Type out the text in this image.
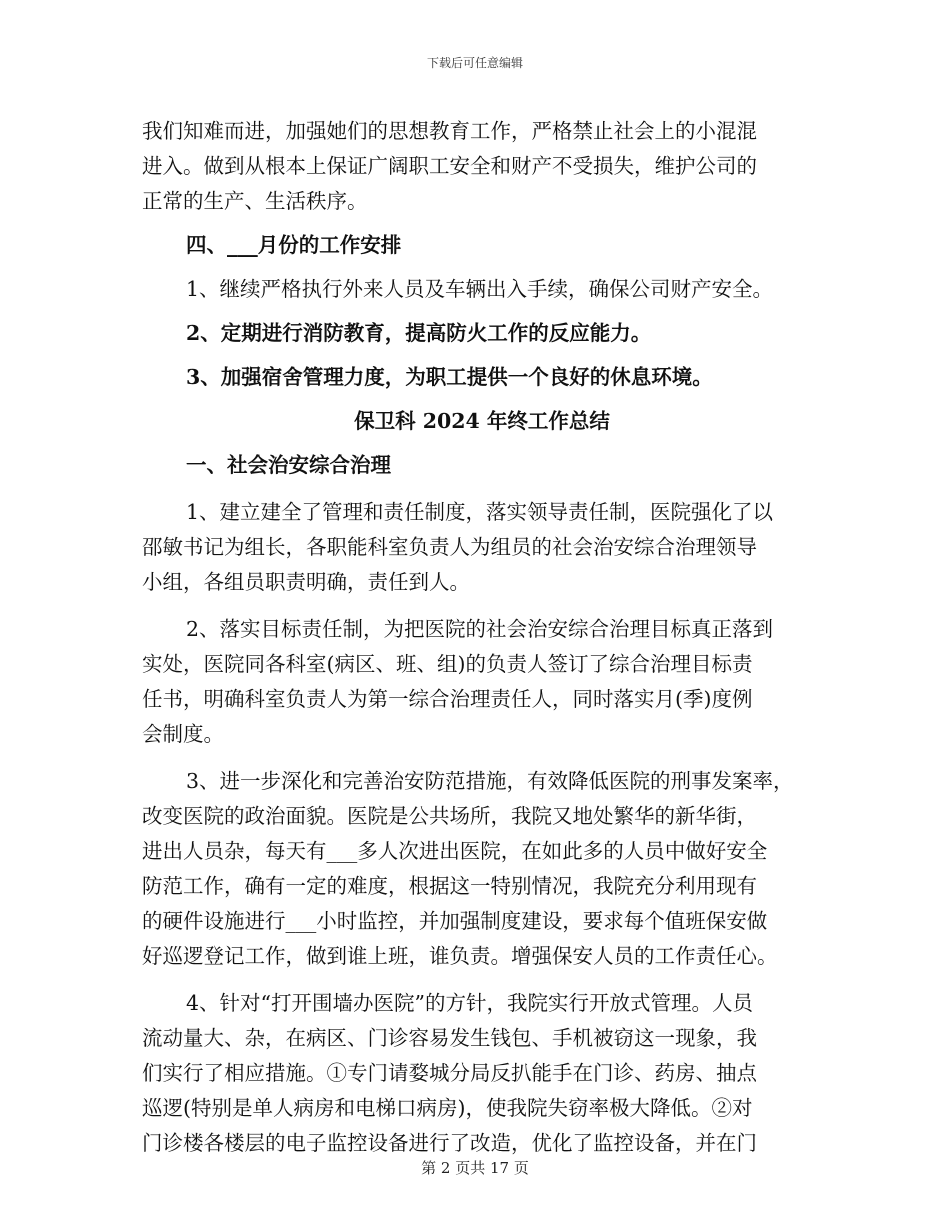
下载后可任意编辑
我们知难而进，加强她们的思想教育工作，严格禁止社会上的小混混
进入。做到从根本上保证广阔职工安全和财产不受损失，维护公司的
正常的生产、生活秩序。
四、___月份的工作安排
1、继续严格执行外来人员及车辆出入手续，确保公司财产安全。
2、定期进行消防教育，提高防火工作的反应能力。
3、加强宿舍管理力度，为职工提供一个良好的休息环境。
保卫科 2024 年终工作总结
一、社会治安综合治理
1、建立建全了管理和责任制度，落实领导责任制，医院强化了以
邵敏书记为组长，各职能科室负责人为组员的社会治安综合治理领导
小组，各组员职责明确，责任到人。
2、落实目标责任制，为把医院的社会治安综合治理目标真正落到
实处，医院同各科室(病区、班、组)的负责人签订了综合治理目标责
任书，明确科室负责人为第一综合治理责任人，同时落实月(季)度例
会制度。
3、进一步深化和完善治安防范措施，有效降低医院的刑事发案率，
改变医院的政治面貌。医院是公共场所，我院又地处繁华的新华街，
进出人员杂，每天有___多人次进出医院，在如此多的人员中做好安全
防范工作，确有一定的难度，根据这一特别情况，我院充分利用现有
的硬件设施进行___小时监控，并加强制度建设，要求每个值班保安做
好巡逻登记工作，做到谁上班，谁负责。增强保安人员的工作责任心。
4、针对“打开围墙办医院”的方针，我院实行开放式管理。人员
流动量大、杂，在病区、门诊容易发生钱包、手机被窃这一现象，我
们实行了相应措施。①专门请婺城分局反扒能手在门诊、药房、抽点
巡逻(特别是单人病房和电梯口病房)，使我院失窃率极大降低。②对
门诊楼各楼层的电子监控设备进行了改造，优化了监控设备，并在门
第 2 页共 17 页
